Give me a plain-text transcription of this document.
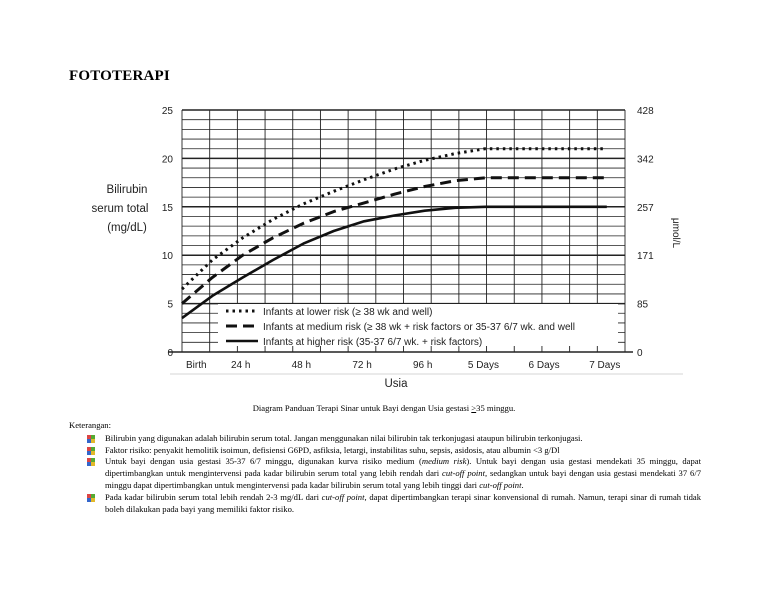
FOTOTERAPI
0
5
10
15
20
25
0
85
171
257
342
428
Birth 24 h	48 h	72 h	96 h	5 Days	6 Days	7 Days
Infants at lower risk (≥ 38 wk and well)
Infants at medium risk (≥ 38 wk + risk factors or 35-37 6/7 wk. and well
Infants at higher risk (35-37 6/7 wk. + risk factors)
Bilirubin
serum total
(mg/dL)
Usia
μmol/L
Diagram Panduan Terapi Sinar untuk Bayi dengan Usia gestasi >35 minggu.
Keterangan:
Bilirubin yang digunakan adalah bilirubin serum total. Jangan menggunakan nilai bilirubin tak terkonjugasi ataupun bilirubin terkonjugasi.
Faktor risiko: penyakit hemolitik isoimun, defisiensi G6PD, asfiksia, letargi, instabilitas suhu, sepsis, asidosis, atau albumin <3 g/Dl
Untuk bayi dengan usia gestasi 35-37 6/7 minggu, digunakan kurva risiko medium (medium risk). Untuk bayi dengan usia gestasi mendekati 35 minggu, dapat dipertimbangkan untuk mengintervensi pada kadar bilirubin serum total yang lebih rendah dari cut-off point, sedangkan untuk bayi dengan usia gestasi mendekati 37 6/7 minggu dapat dipertimbangkan untuk mengintervensi pada kadar bilirubin serum total yang lebih tinggi dari cut-off point.
Pada kadar bilirubin serum total lebih rendah 2-3 mg/dL dari cut-off point, dapat dipertimbangkan terapi sinar konvensional di rumah. Namun, terapi sinar di rumah tidak boleh dilakukan pada bayi yang memiliki faktor risiko.
